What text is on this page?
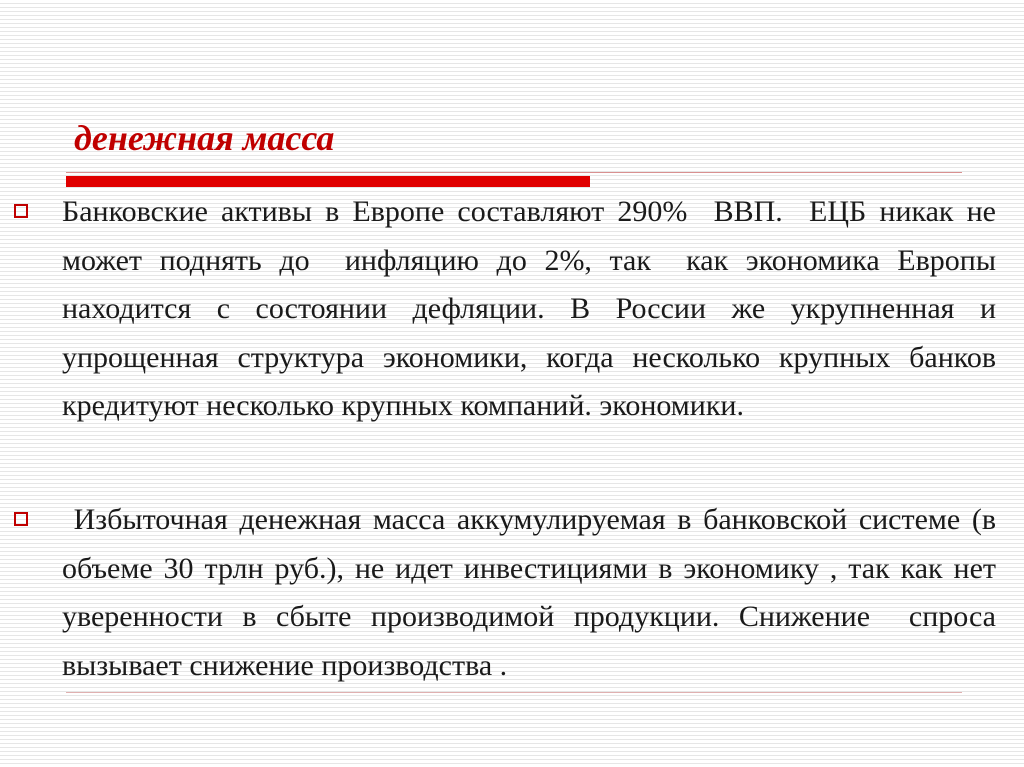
денежная масса

Банковские активы в Европе составляют 290%  ВВП.  ЕЦБ никак не может поднять до  инфляцию до 2%, так  как экономика Европы находится с состоянии дефляции. В России же укрупненная и упрощенная структура экономики, когда несколько крупных банков кредитуют несколько крупных компаний. экономики.

Избыточная денежная масса аккумулируемая в банковской системе (в объеме 30 трлн руб.), не идет инвестициями в экономику , так как нет уверенности в сбыте производимой продукции. Снижение  спроса вызывает снижение производства .
